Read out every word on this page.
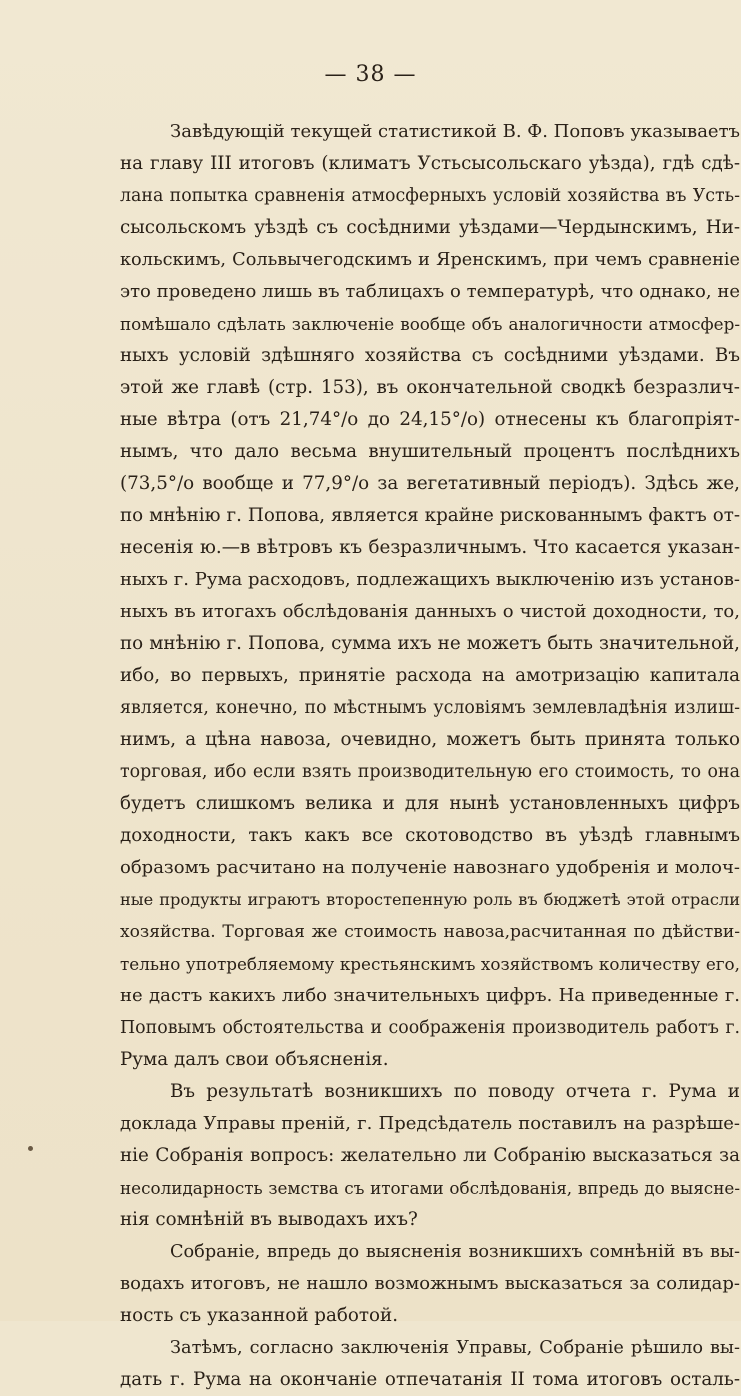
— 38 —
Завѣдующій текущей статистикой В. Ф. Поповъ указываетъ
на главу III итоговъ (климатъ Устьсысольскаго уѣзда), гдѣ сдѣ-
лана попытка сравненія атмосферныхъ условій хозяйства въ Усть-
сысольскомъ уѣздѣ съ сосѣдними уѣздами—Чердынскимъ, Ни-
кольскимъ, Сольвычегодскимъ и Яренскимъ, при чемъ сравненіе
это проведено лишь въ таблицахъ о температурѣ, что однако, не
помѣшало сдѣлать заключеніе вообще объ аналогичности атмосфер-
ныхъ условій здѣшняго хозяйства съ сосѣдними уѣздами. Въ
этой же главѣ (стр. 153), въ окончательной сводкѣ безразлич-
ные вѣтра (отъ 21,74°/о до 24,15°/о) отнесены къ благопріят-
нымъ, что дало весьма внушительный процентъ послѣднихъ
(73,5°/о вообще и 77,9°/о за вегетативный періодъ). Здѣсь же,
по мнѣнію г. Попова, является крайне рискованнымъ фактъ от-
несенія ю.—в вѣтровъ къ безразличнымъ. Что касается указан-
ныхъ г. Рума расходовъ, подлежащихъ выключенію изъ установ-
ныхъ въ итогахъ обслѣдованія данныхъ о чистой доходности, то,
по мнѣнію г. Попова, сумма ихъ не можетъ быть значительной,
ибо, во первыхъ, принятіе расхода на амотризацію капитала
является, конечно, по мѣстнымъ условіямъ землевладѣнія излиш-
нимъ, а цѣна навоза, очевидно, можетъ быть принята только
торговая, ибо если взять производительную его стоимость, то она
будетъ слишкомъ велика и для нынѣ установленныхъ цифръ
доходности, такъ какъ все скотоводство въ уѣздѣ главнымъ
образомъ расчитано на полученіе навознаго удобренія и молоч-
ные продукты играютъ второстепенную роль въ бюджетѣ этой отрасли
хозяйства. Торговая же стоимость навоза,расчитанная по дѣйстви-
тельно употребляемому крестьянскимъ хозяйствомъ количеству его,
не дастъ какихъ либо значительныхъ цифръ. На приведенные г.
Поповымъ обстоятельства и соображенія производитель работъ г.
Рума далъ свои объясненія.
Въ результатѣ возникшихъ по поводу отчета г. Рума и
доклада Управы преній, г. Предсѣдатель поставилъ на разрѣше-
ніе Собранія вопросъ: желательно ли Собранію высказаться за
несолидарность земства съ итогами обслѣдованія, впредь до выясне-
нія сомнѣній въ выводахъ ихъ?
Собраніе, впредь до выясненія возникшихъ сомнѣній въ вы-
водахъ итоговъ, не нашло возможнымъ высказаться за солидар-
ность съ указанной работой.
Затѣмъ, согласно заключенія Управы, Собраніе рѣшило вы-
дать г. Рума на окончаніе отпечатанія II тома итоговъ осталь-
